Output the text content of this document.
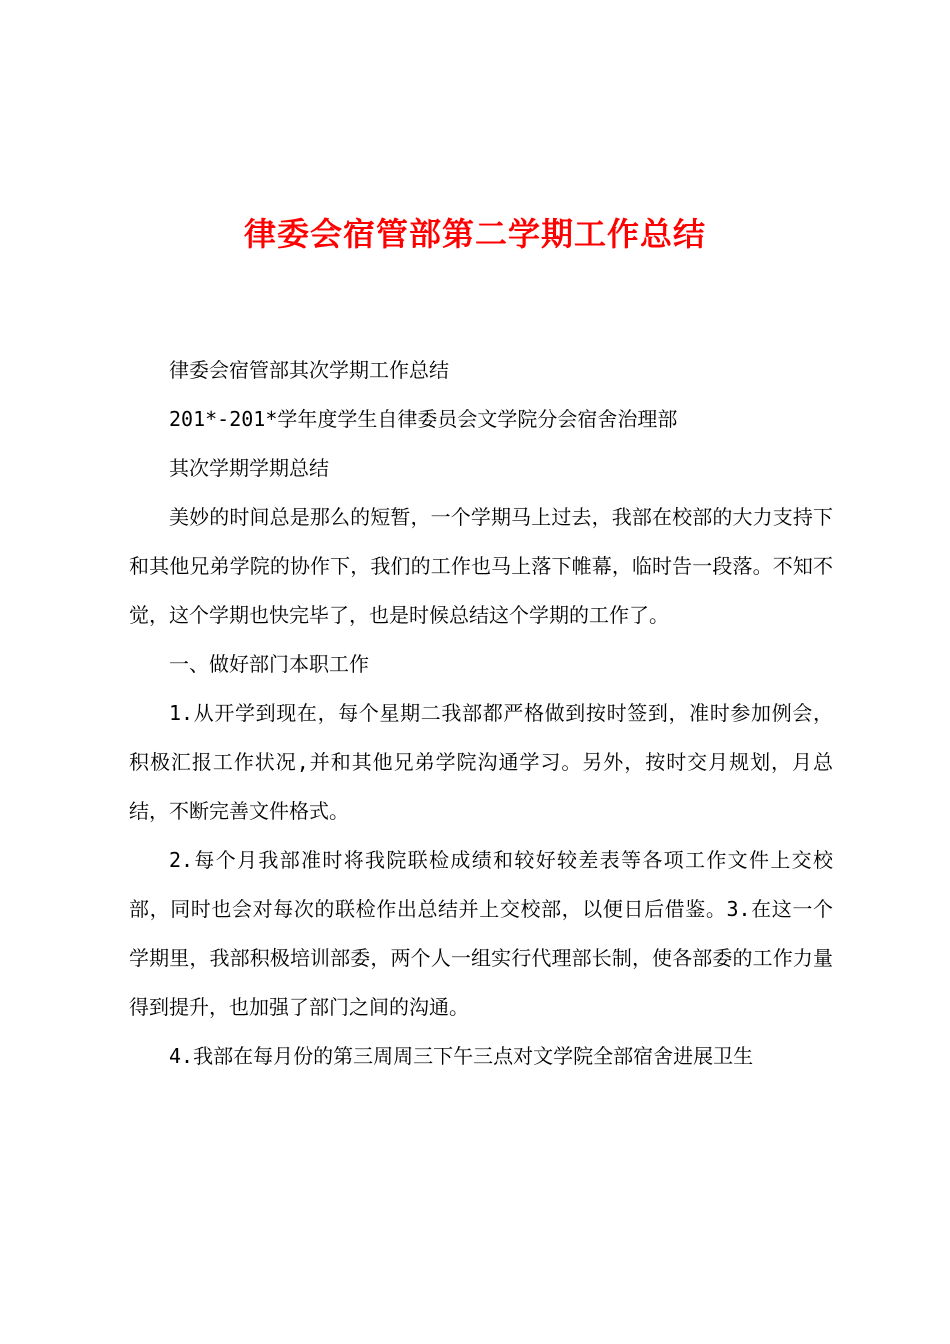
律委会宿管部第二学期工作总结

律委会宿管部其次学期工作总结

201*-201*学年度学生自律委员会文学院分会宿舍治理部

其次学期学期总结

美妙的时间总是那么的短暂，一个学期马上过去，我部在校部的大力支持下和其他兄弟学院的协作下，我们的工作也马上落下帷幕，临时告一段落。不知不觉，这个学期也快完毕了，也是时候总结这个学期的工作了。

一、做好部门本职工作

1.从开学到现在，每个星期二我部都严格做到按时签到，准时参加例会，积极汇报工作状况,并和其他兄弟学院沟通学习。另外，按时交月规划，月总结，不断完善文件格式。

2.每个月我部准时将我院联检成绩和较好较差表等各项工作文件上交校部，同时也会对每次的联检作出总结并上交校部，以便日后借鉴。3.在这一个学期里，我部积极培训部委，两个人一组实行代理部长制，使各部委的工作力量得到提升，也加强了部门之间的沟通。

4.我部在每月份的第三周周三下午三点对文学院全部宿舍进展卫生
